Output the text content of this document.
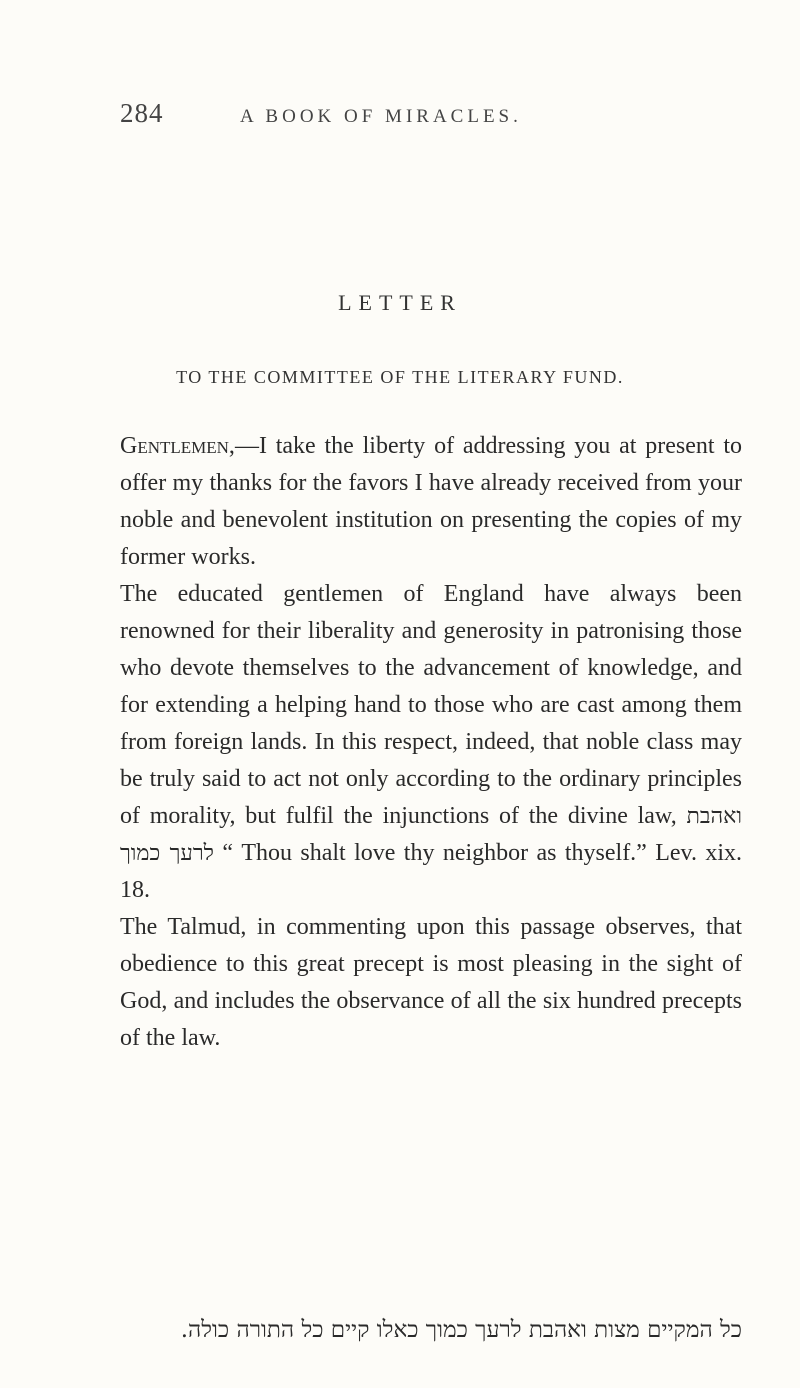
284	A BOOK OF MIRACLES.
LETTER
TO THE COMMITTEE OF THE LITERARY FUND.

Gentlemen,—I take the liberty of addressing you at present to offer my thanks for the favors I have already received from your noble and benevolent institution on presenting the copies of my former works.

The educated gentlemen of England have always been renowned for their liberality and generosity in patronising those who devote themselves to the advancement of knowledge, and for extending a helping hand to those who are cast among them from foreign lands. In this respect, indeed, that noble class may be truly said to act not only according to the ordinary principles of morality, but fulfil the injunctions of the divine law, ואהבת לרעך כמוך “ Thou shalt love thy neighbor as thyself.” Lev. xix. 18.

The Talmud, in commenting upon this passage observes, that obedience to this great precept is most pleasing in the sight of God, and includes the observance of all the six hundred precepts of the law.

כל המקיים מצות ואהבת לרעך כמוך כאלו קיים כל התורה כולה.
